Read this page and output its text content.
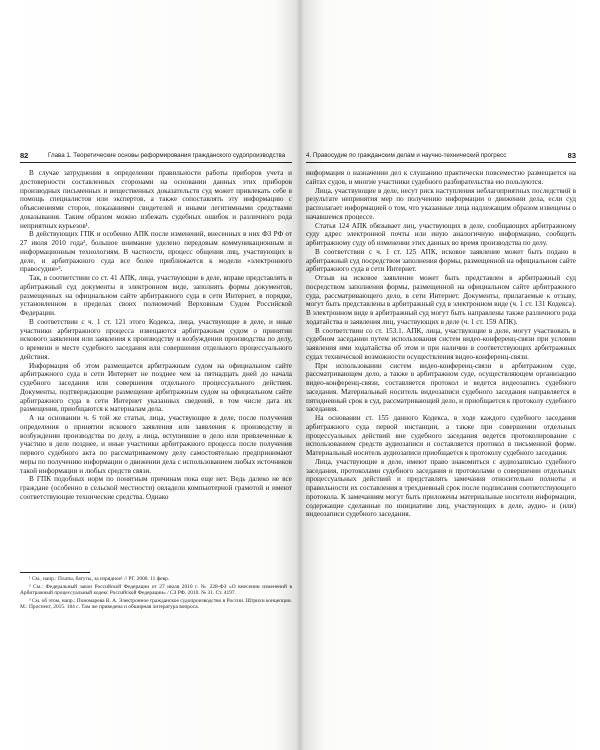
82	Глава 1. Теоретические основы реформирования гражданского судопроизводства

В случае затруднения в определении правильности работы приборов учета и достоверности составленных сторонами на основании данных этих приборов производных письменных и вещественных доказательств суд может привлекать себе в помощь специалистов или экспертов, а также сопоставлять эту информацию с объяснениями сторон, показаниями свидетелей и иными легитимными средствами доказывания. Таким образом можно избежать судебных ошибок и различного рода неприятных курьезов¹.

В действующих ГПК и особенно АПК после изменений, внесенных в них ФЗ РФ от 27 июля 2010 года², большое внимание уделено передовым коммуникационным и информационным технологиям. В частности, процесс общения лиц, участвующих в деле, и арбитражного суда все более приближается к модели «электронного правосудия»³.

Так, в соответствии со ст. 41 АПК, лица, участвующие в деле, вправе представлять в арбитражный суд документы в электронном виде, заполнять формы документов, размещенных на официальном сайте арбитражного суда в сети Интернет, в порядке, установленном в пределах своих полномочий Верховным Судом Российской Федерации.

В соответствии с ч. 1 ст. 121 этого Кодекса, лица, участвующие в деле, и иные участники арбитражного процесса извещаются арбитражным судом о принятии искового заявления или заявления к производству и возбуждении производства по делу, о времени и месте судебного заседания или совершения отдельного процессуального действия.

Информация об этом размещается арбитражным судом на официальном сайте арбитражного суда в сети Интернет не позднее чем за пятнадцать дней до начала судебного заседания или совершения отдельного процессуального действия. Документы, подтверждающие размещение арбитражным судом на официальном сайте арбитражного суда в сети Интернет указанных сведений, в том числе дата их размещения, приобщаются к материалам дела.

А на основании ч. 6 той же статьи, лица, участвующие в деле, после получения определения о принятии искового заявления или заявления к производству и возбуждении производства по делу, а лица, вступившие в дело или привлеченные к участию в деле позднее, и иные участники арбитражного процесса после получения первого судебного акта по рассматриваемому делу самостоятельно предпринимают меры по получению информации о движении дела с использованием любых источников такой информации и любых средств связи.

В ГПК подобных норм по понятным причинам пока еще нет. Ведь далеко не все граждане (особенно в сельской местности) овладели компьютерной грамотой и имеют соответствующие технические средства. Однако

¹ См., напр.: Платы, батуты, за изрядное! // РГ. 2000. 11 февр.

² См.: Федеральный закон Российской Федерации от 27 июля 2010 г. № 228-ФЗ «О внесении изменений в Арбитражный процессуальный кодекс Российской Федерации» / СЗ РФ. 2010. № 31. Ст. 4197.

³ См. об этом, напр.: Пономарева В. А. Электронное гражданское судопроизводство в России. Штрихи концепции. М.: Проспект, 2015. 184 с. Там же приведена и обширная литература вопроса.

4. Правосудие по гражданским делам и научно-технический прогресс	83

информация о назначении дел к слушанию практически повсеместно размещается на сайтах судов, и многие участники судебного разбирательства ею пользуются.

Лица, участвующие в деле, несут риск наступления неблагоприятных последствий в результате непринятия мер по получению информации о движении дела, если суд располагает информацией о том, что указанные лица надлежащим образом извещены о начавшемся процессе.

Статья 124 АПК обязывает лиц, участвующих в деле, сообщающих арбитражному суду адрес электронной почты или иную аналогичную информацию, сообщить арбитражному суду об изменении этих данных во время производства по делу.

В соответствии с ч. 1 ст. 125 АПК, исковое заявление может быть подано в арбитражный суд посредством заполнения формы, размещенной на официальном сайте арбитражного суда в сети Интернет.

Отзыв на исковое заявление может быть представлен в арбитражный суд посредством заполнения формы, размещенной на официальном сайте арбитражного суда, рассматривающего дело, в сети Интернет. Документы, прилагаемые к отзыву, могут быть представлены в арбитражный суд в электронном виде (ч. 1 ст. 131 Кодекса). В электронном виде в арбитражный суд могут быть направлены также различного рода ходатайства и заявления лиц, участвующих в деле (ч. 1 ст. 159 АПК).

В соответствии со ст. 153.1. АПК, лица, участвующие в деле, могут участвовать в судебном заседании путем использования систем видео-конференц-связи при условии заявления ими ходатайства об этом и при наличии в соответствующих арбитражных судах технической возможности осуществления видео-конференц-связи.

При использовании систем видео-конференц-связи в арбитражном суде, рассматривающем дело, а также в арбитражном суде, осуществляющем организацию видео-конференц-связи, составляется протокол и ведется видеозапись судебного заседания. Материальный носитель видеозаписи судебного заседания направляется в пятидневный срок в суд, рассматривающий дело, и приобщается к протоколу судебного заседания.

На основании ст. 155 данного Кодекса, в ходе каждого судебного заседания арбитражного суда первой инстанции, а также при совершении отдельных процессуальных действий вне судебного заседания ведется протоколирование с использованием средств аудиозаписи и составляется протокол в письменной форме. Материальный носитель аудиозаписи приобщается к протоколу судебного заседания.

Лица, участвующие в деле, имеют право знакомиться с аудиозаписью судебного заседания, протоколами судебного заседания и протоколами о совершении отдельных процессуальных действий и представлять замечания относительно полноты и правильности их составления в трехдневный срок после подписания соответствующего протокола. К замечаниям могут быть приложены материальные носители информации, содержащие сделанные по инициативе лиц, участвующих в деле, аудио- и (или) видеозаписи судебного заседания.
